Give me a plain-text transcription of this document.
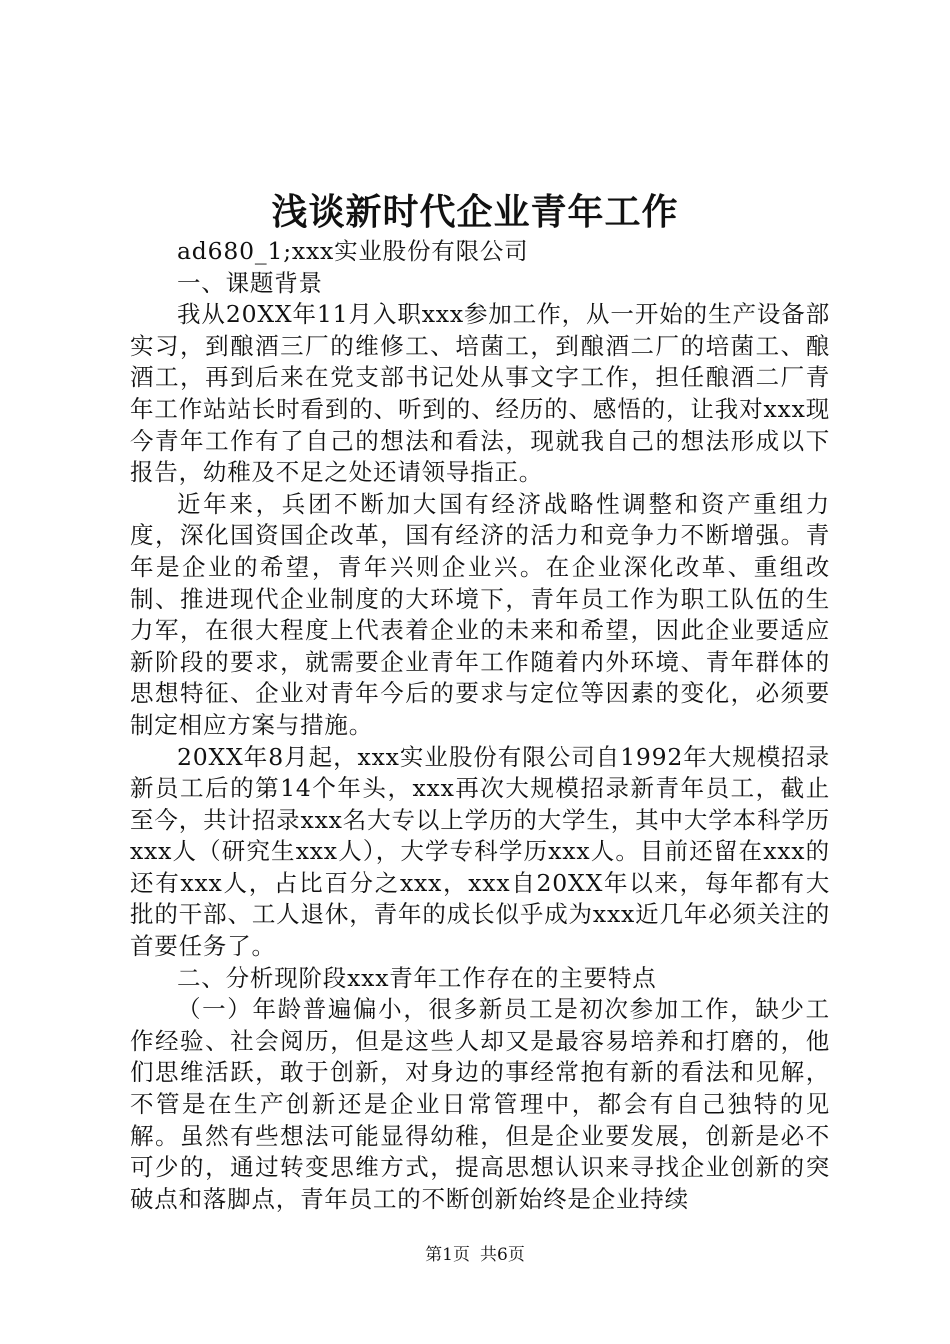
浅谈新时代企业青年工作

ad680_1;xxx实业股份有限公司

一、课题背景

我从20XX年11月入职xxx参加工作，从一开始的生产设备部实习，到酿酒三厂的维修工、培菌工，到酿酒二厂的培菌工、酿酒工，再到后来在党支部书记处从事文字工作，担任酿酒二厂青年工作站站长时看到的、听到的、经历的、感悟的，让我对xxx现今青年工作有了自己的想法和看法，现就我自己的想法形成以下报告，幼稚及不足之处还请领导指正。

近年来，兵团不断加大国有经济战略性调整和资产重组力度，深化国资国企改革，国有经济的活力和竞争力不断增强。青年是企业的希望，青年兴则企业兴。在企业深化改革、重组改制、推进现代企业制度的大环境下，青年员工作为职工队伍的生力军，在很大程度上代表着企业的未来和希望，因此企业要适应新阶段的要求，就需要企业青年工作随着内外环境、青年群体的思想特征、企业对青年今后的要求与定位等因素的变化，必须要制定相应方案与措施。

20XX年8月起，xxx实业股份有限公司自1992年大规模招录新员工后的第14个年头，xxx再次大规模招录新青年员工，截止至今，共计招录xxx名大专以上学历的大学生，其中大学本科学历xxx人（研究生xxx人），大学专科学历xxx人。目前还留在xxx的还有xxx人，占比百分之xxx，xxx自20XX年以来，每年都有大批的干部、工人退休，青年的成长似乎成为xxx近几年必须关注的首要任务了。

二、分析现阶段xxx青年工作存在的主要特点

（一）年龄普遍偏小，很多新员工是初次参加工作，缺少工作经验、社会阅历，但是这些人却又是最容易培养和打磨的，他们思维活跃，敢于创新，对身边的事经常抱有新的看法和见解，不管是在生产创新还是企业日常管理中，都会有自己独特的见解。虽然有些想法可能显得幼稚，但是企业要发展，创新是必不可少的，通过转变思维方式，提高思想认识来寻找企业创新的突破点和落脚点，青年员工的不断创新始终是企业持续

第1页 共6页
